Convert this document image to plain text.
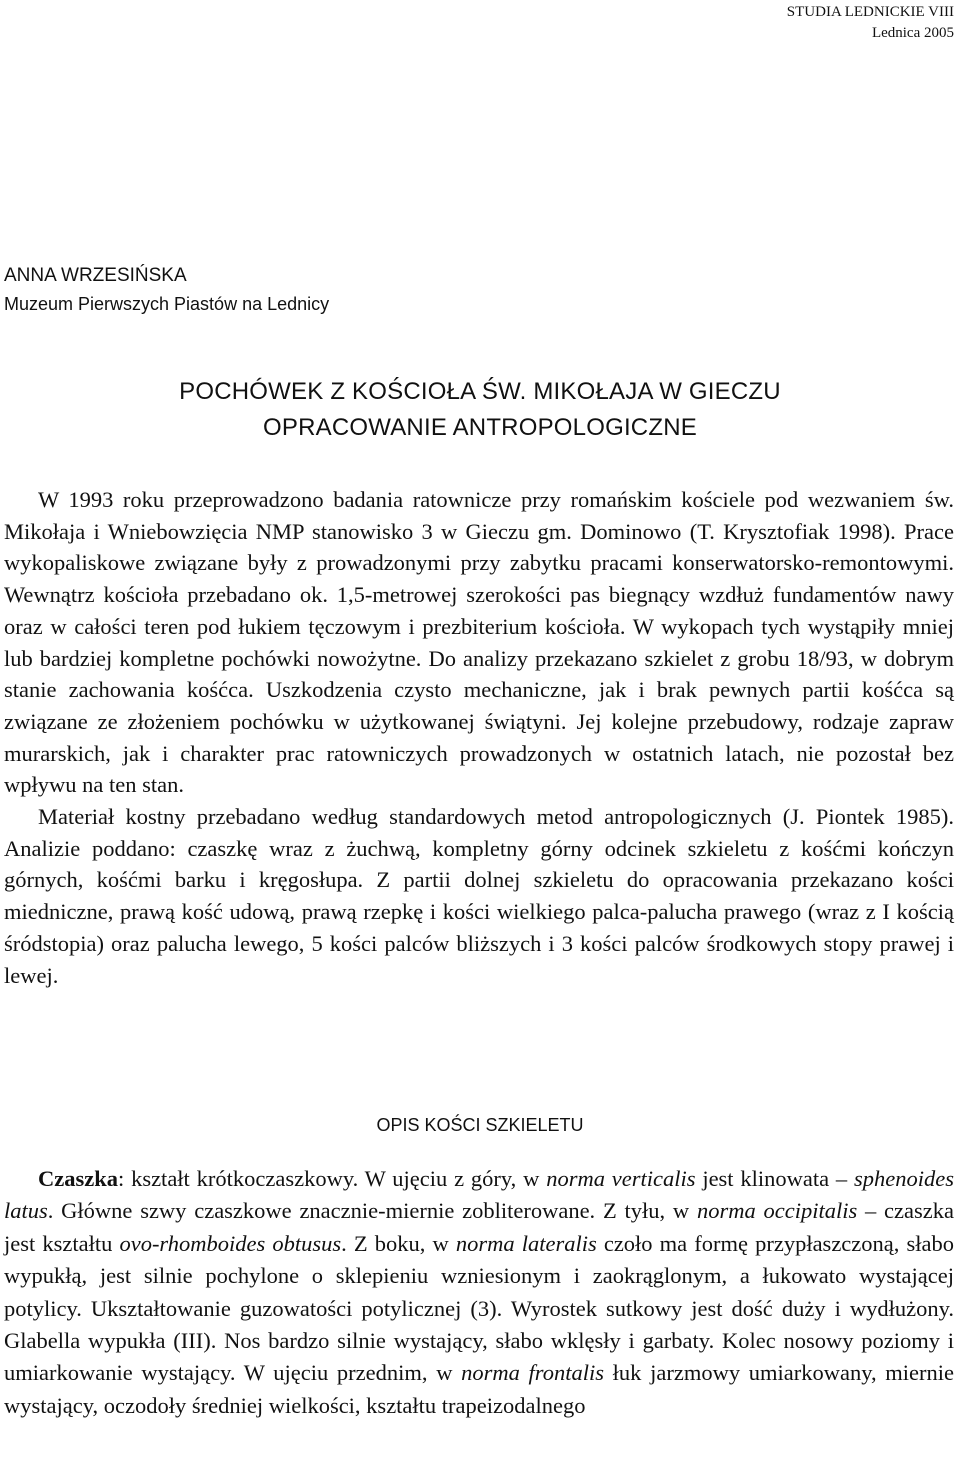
STUDIA LEDNICKIE VIII
Lednica 2005
ANNA WRZESIŃSKA
Muzeum Pierwszych Piastów na Lednicy
POCHÓWEK Z KOŚCIOŁA ŚW. MIKOŁAJA W GIECZU
OPRACOWANIE ANTROPOLOGICZNE

W 1993 roku przeprowadzono badania ratownicze przy romańskim kościele pod wezwaniem św. Mikołaja i Wniebowzięcia NMP stanowisko 3 w Gieczu gm. Dominowo (T. Krysztofiak 1998). Prace wykopaliskowe związane były z prowadzonymi przy zabytku pracami konserwatorsko-remontowymi. Wewnątrz kościoła przebadano ok. 1,5-metrowej szerokości pas biegnący wzdłuż fundamentów nawy oraz w całości teren pod łukiem tęczowym i prezbiterium kościoła. W wykopach tych wystąpiły mniej lub bardziej kompletne pochówki nowożytne. Do analizy przekazano szkielet z grobu 18/93, w dobrym stanie zachowania kośćca. Uszkodzenia czysto mechaniczne, jak i brak pewnych partii kośćca są związane ze złożeniem pochówku w użytkowanej świątyni. Jej kolejne przebudowy, rodzaje zapraw murarskich, jak i charakter prac ratowniczych prowadzonych w ostatnich latach, nie pozostał bez wpływu na ten stan.

Materiał kostny przebadano według standardowych metod antropologicznych (J. Piontek 1985). Analizie poddano: czaszkę wraz z żuchwą, kompletny górny odcinek szkieletu z kośćmi kończyn górnych, kośćmi barku i kręgosłupa. Z partii dolnej szkieletu do opracowania przekazano kości miedniczne, prawą kość udową, prawą rzepkę i kości wielkiego palca-palucha prawego (wraz z I kością śródstopia) oraz palucha lewego, 5 kości palców bliższych i 3 kości palców środkowych stopy prawej i lewej.

OPIS KOŚCI SZKIELETU

Czaszka: kształt krótkoczaszkowy. W ujęciu z góry, w norma verticalis jest klinowata – sphenoides latus. Główne szwy czaszkowe znacznie-miernie zobliterowane. Z tyłu, w norma occipitalis – czaszka jest kształtu ovo-rhomboides obtusus. Z boku, w norma lateralis czoło ma formę przypłaszczoną, słabo wypukłą, jest silnie pochylone o sklepieniu wzniesionym i zaokrąglonym, a łukowato wystającej potylicy. Ukształtowanie guzowatości potylicznej (3). Wyrostek sutkowy jest dość duży i wydłużony. Glabella wypukła (III). Nos bardzo silnie wystający, słabo wklęsły i garbaty. Kolec nosowy poziomy i umiarkowanie wystający. W ujęciu przednim, w norma frontalis łuk jarzmowy umiarkowany, miernie wystający, oczodoły średniej wielkości, kształtu trapeizodalnego
